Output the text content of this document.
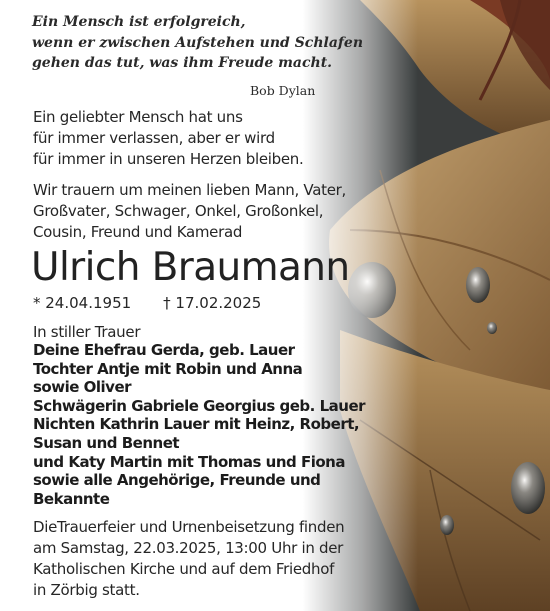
Ein Mensch ist erfolgreich,
wenn er zwischen Aufstehen und Schlafen
gehen das tut, was ihm Freude macht.

Bob Dylan

Ein geliebter Mensch hat uns
für immer verlassen, aber er wird
für immer in unseren Herzen bleiben.

Wir trauern um meinen lieben Mann, Vater,
Großvater, Schwager, Onkel, Großonkel,
Cousin, Freund und Kamerad

Ulrich Braumann

* 24.04.1951 † 17.02.2025

In stiller Trauer

Deine Ehefrau Gerda, geb. Lauer
Tochter Antje mit Robin und Anna
sowie Oliver
Schwägerin Gabriele Georgius geb. Lauer
Nichten Kathrin Lauer mit Heinz, Robert,
Susan und Bennet
und Katy Martin mit Thomas und Fiona
sowie alle Angehörige, Freunde und
Bekannte

DieTrauerfeier und Urnenbeisetzung finden
am Samstag, 22.03.2025, 13:00 Uhr in der
Katholischen Kirche und auf dem Friedhof
in Zörbig statt.
